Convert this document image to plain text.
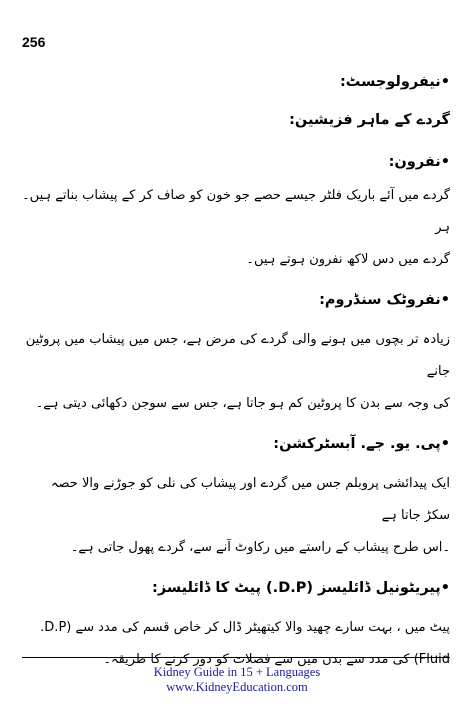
256
•نیفرولوجسٹ:
گردے کے ماہر فزیشین:
•نفرون:
گردے میں آئے باریک فلٹر جیسے حصے جو خون کو صاف کر کے پیشاب بناتے ہیں۔ ہر
گردے میں دس لاکھ نفرون ہوتے ہیں۔
•نفروٹک سنڈروم:
زیادہ تر بچوں میں ہونے والی گردے کی مرض ہے، جس میں پیشاب میں پروٹین جانے
کی وجہ سے بدن کا پروٹین کم ہو جاتا ہے، جس سے سوجن دکھائی دیتی ہے۔
•پی. یو. جے. آبسٹرکشن:
ایک پیدائشی پروبلم جس میں گردے اور پیشاب کی نلی کو جوڑنے والا حصہ سکڑ جاتا ہے
۔اس طرح پیشاب کے راستے میں رکاوٹ آنے سے، گردے پھول جاتی ہے۔
•پیریٹونیل ڈائلیسز (D.P.) پیٹ کا ڈائلیسز:
پیٹ میں ، بہت سارے چھید والا کیتھیٹر ڈال کر خاص قسم کی مدد سے (D.P.
Fluid) کی مدد سے بدن میں سے فضلات کو دور کرنے کا طریقہ۔
Kidney Guide in 15 + Languages
www.KidneyEducation.com
